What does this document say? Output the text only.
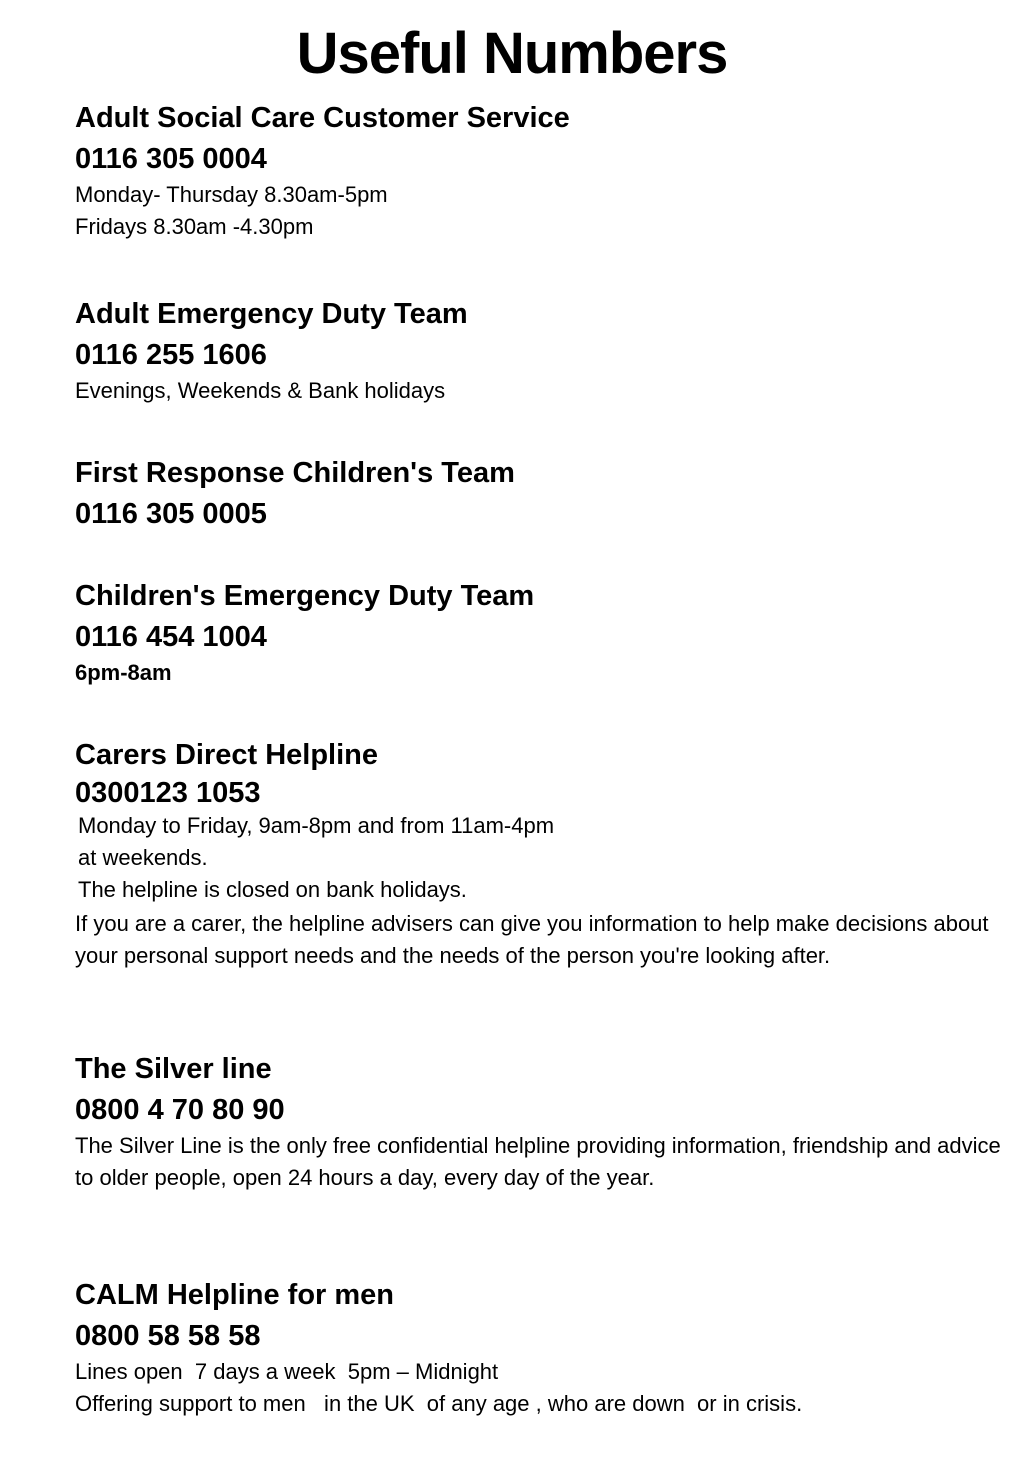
Useful Numbers
Adult Social Care Customer Service
0116 305 0004
Monday- Thursday 8.30am-5pm
Fridays 8.30am -4.30pm
Adult Emergency Duty Team
0116 255 1606
Evenings, Weekends & Bank holidays
First Response Children's Team
0116 305 0005
Children's Emergency Duty Team
0116 454 1004
6pm-8am
Carers Direct Helpline
0300123 1053
Monday to Friday, 9am-8pm and from 11am-4pm at weekends.
The helpline is closed on bank holidays.
If you are a carer, the helpline advisers can give you information to help make decisions about your personal support needs and the needs of the person you're looking after.
The Silver line
0800 4 70 80 90
The Silver Line is the only free confidential helpline providing information, friendship and advice to older people, open 24 hours a day, every day of the year.
CALM Helpline for men
0800 58 58 58
Lines open  7 days a week  5pm – Midnight
Offering support to men   in the UK  of any age , who are down  or in crisis.
